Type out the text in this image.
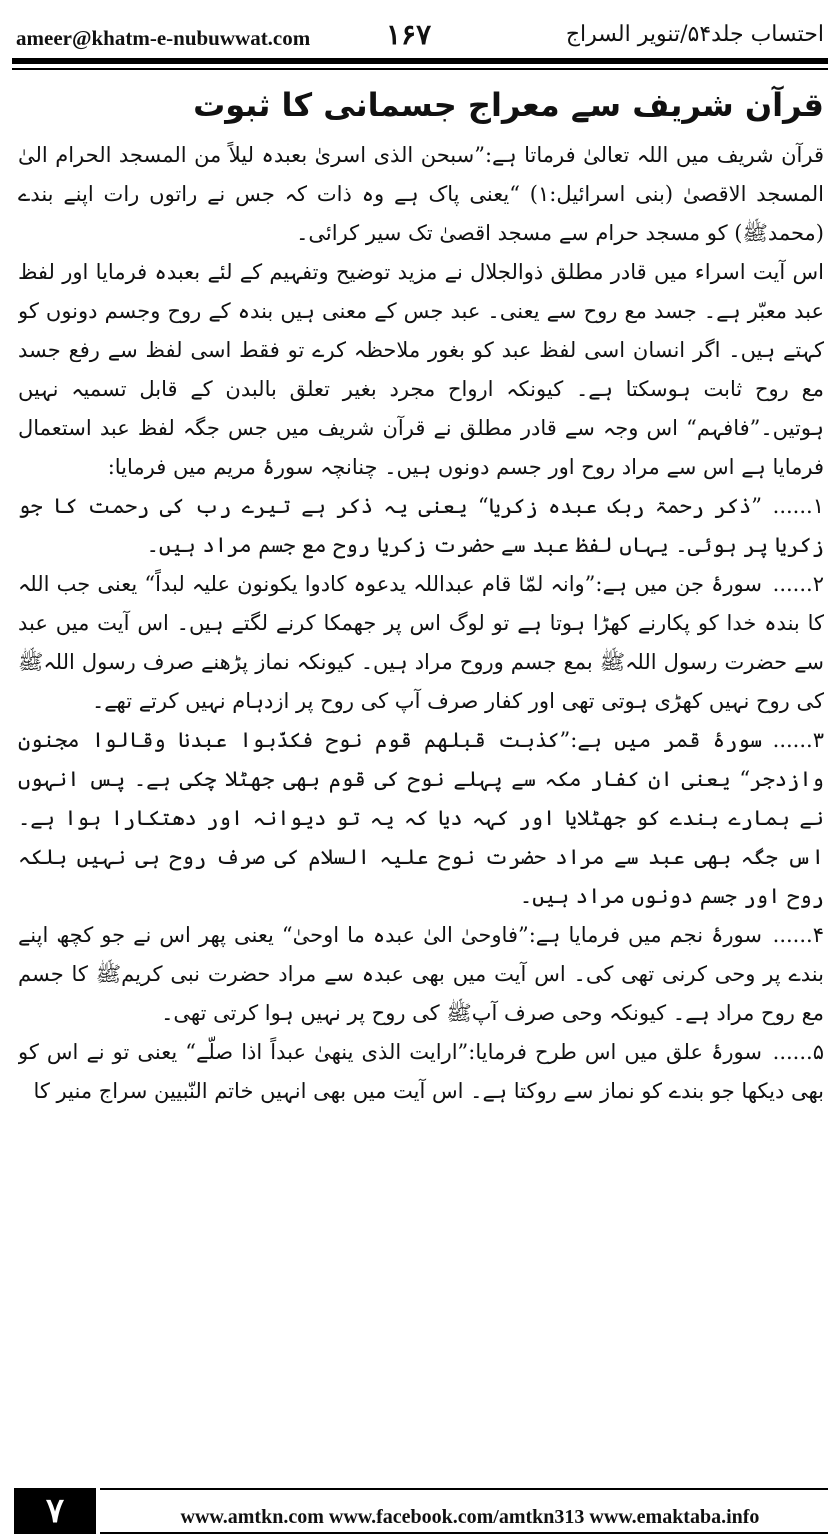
ameer@khatm-e-nubuwwat.com	۱۶۷	احتساب جلد۵۴/تنویر السراج
قرآن شریف سے معراج جسمانی کا ثبوت

قرآن شریف میں اللہ تعالیٰ فرماتا ہے:”سبحن الذی اسریٰ بعبدہ لیلاً من المسجد الحرام الیٰ المسجد الاقصیٰ (بنی اسرائیل:۱) “یعنی پاک ہے وہ ذات کہ جس نے راتوں رات اپنے بندے (محمدﷺ) کو مسجد حرام سے مسجد اقصیٰ تک سیر کرائی۔

اس آیت اسراء میں قادر مطلق ذوالجلال نے مزید توضیح وتفہیم کے لئے بعبدہ فرمایا اور لفظ عبد معبّر ہے۔ جسد مع روح سے یعنی۔ عبد جس کے معنی ہیں بندہ کے روح وجسم دونوں کو کہتے ہیں۔ اگر انسان اسی لفظ عبد کو بغور ملاحظہ کرے تو فقط اسی لفظ سے رفع جسد مع روح ثابت ہوسکتا ہے۔ کیونکہ ارواح مجرد بغیر تعلق بالبدن کے قابل تسمیہ نہیں ہوتیں۔”فافہم“ اس وجہ سے قادر مطلق نے قرآن شریف میں جس جگہ لفظ عبد استعمال فرمایا ہے اس سے مراد روح اور جسم دونوں ہیں۔ چنانچہ سورۂ مریم میں فرمایا:

۱......”ذکر رحمۃ ربک عبدہ زکریا“ یعنی یہ ذکر ہے تیرے رب کی رحمت کا جو زکریا پر ہوئی۔ یہاں لفظ عبد سے حضرت زکریا روح مع جسم مراد ہیں۔

۲......سورۂ جن میں ہے:”وانہ لمّا قام عبداللہ یدعوہ کادوا یکونون علیہ لبداً“ یعنی جب اللہ کا بندہ خدا کو پکارنے کھڑا ہوتا ہے تو لوگ اس پر جھمکا کرنے لگتے ہیں۔ اس آیت میں عبد سے حضرت رسول اللہﷺ بمع جسم وروح مراد ہیں۔ کیونکہ نماز پڑھنے صرف رسول اللہﷺ کی روح نہیں کھڑی ہوتی تھی اور کفار صرف آپ کی روح پر ازدہام نہیں کرتے تھے۔

۳......سورۂ قمر میں ہے:”کذبت قبلھم قوم نوح فکذّبوا عبدنا وقالوا مجنون وازدجر“ یعنی ان کفار مکہ سے پہلے نوح کی قوم بھی جھٹلا چکی ہے۔ پس انہوں نے ہمارے بندے کو جھٹلایا اور کہہ دیا کہ یہ تو دیوانہ اور دھتکارا ہوا ہے۔ اس جگہ بھی عبد سے مراد حضرت نوح علیہ السلام کی صرف روح ہی نہیں بلکہ روح اور جسم دونوں مراد ہیں۔

۴......سورۂ نجم میں فرمایا ہے:”فاوحیٰ الیٰ عبدہ ما اوحیٰ“ یعنی پھر اس نے جو کچھ اپنے بندے پر وحی کرنی تھی کی۔ اس آیت میں بھی عبدہ سے مراد حضرت نبی کریمﷺ کا جسم مع روح مراد ہے۔ کیونکہ وحی صرف آپﷺ کی روح پر نہیں ہوا کرتی تھی۔

۵......سورۂ علق میں اس طرح فرمایا:”ارایت الذی ینھیٰ عبداً اذا صلّے“ یعنی تو نے اس کو بھی دیکھا جو بندے کو نماز سے روکتا ہے۔ اس آیت میں بھی انہیں خاتم النّبیین سراج منیر کا

۷	www.amtkn.com www.facebook.com/amtkn313 www.emaktaba.info
